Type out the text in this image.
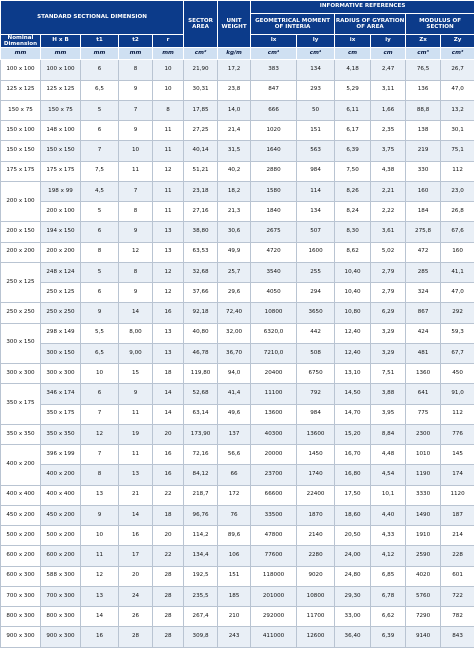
STANDARD SECTIONAL DIMENSION					SECTOR AREA	UNIT WEIGHT	INFORMATIVE REFERENCES					
							GEOMETRICAL MOMENT OF INTERIA		RADIUS OF GYRATION OF AREA		MODULUS OF SECTION	
Nominal Dimension	H x B	t1	t2	r			Ix	Iy	ix	iy	Zx	Zy
mm	mm	mm	mm	mm	cm²	kg/m	cm⁴	cm⁴	cm	cm	cm³	cm³
100 x 100	100 x 100	6	8	10	21,90	17,2	383	134	4,18	2,47	76,5	26,7
125 x 125	125 x 125	6,5	9	10	30,31	23,8	847	293	5,29	3,11	136	47,0
150 x 75	150 x 75	5	7	8	17,85	14,0	666	50	6,11	1,66	88,8	13,2
150 x 100	148 x 100	6	9	11	27,25	21,4	1020	151	6,17	2,35	138	30,1
150 x 150	150 x 150	7	10	11	40,14	31,5	1640	563	6,39	3,75	219	75,1
175 x 175	175 x 175	7,5	11	12	51,21	40,2	2880	984	7,50	4,38	330	112
200 x 100	198 x 99	4,5	7	11	23,18	18,2	1580	114	8,26	2,21	160	23,0
	200 x 100	5	8	11	27,16	21,3	1840	134	8,24	2,22	184	26,8
200 x 150	194 x 150	6	9	13	38,80	30,6	2675	507	8,30	3,61	275,8	67,6
200 x 200	200 x 200	8	12	13	63,53	49,9	4720	1600	8,62	5,02	472	160
250 x 125	248 x 124	5	8	12	32,68	25,7	3540	255	10,40	2,79	285	41,1
	250 x 125	6	9	12	37,66	29,6	4050	294	10,40	2,79	324	47,0
250 x 250	250 x 250	9	14	16	92,18	72,40	10800	3650	10,80	6,29	867	292
300 x 150	298 x 149	5,5	8,00	13	40,80	32,00	6320,0	442	12,40	3,29	424	59,3
	300 x 150	6,5	9,00	13	46,78	36,70	7210,0	508	12,40	3,29	481	67,7
300 x 300	300 x 300	10	15	18	119,80	94,0	20400	6750	13,10	7,51	1360	450
350 x 175	346 x 174	6	9	14	52,68	41,4	11100	792	14,50	3,88	641	91,0
	350 x 175	7	11	14	63,14	49,6	13600	984	14,70	3,95	775	112
350 x 350	350 x 350	12	19	20	173,90	137	40300	13600	15,20	8,84	2300	776
400 x 200	396 x 199	7	11	16	72,16	56,6	20000	1450	16,70	4,48	1010	145
	400 x 200	8	13	16	84,12	66	23700	1740	16,80	4,54	1190	174
400 x 400	400 x 400	13	21	22	218,7	172	66600	22400	17,50	10,1	3330	1120
450 x 200	450 x 200	9	14	18	96,76	76	33500	1870	18,60	4,40	1490	187
500 x 200	500 x 200	10	16	20	114,2	89,6	47800	2140	20,50	4,33	1910	214
600 x 200	600 x 200	11	17	22	134,4	106	77600	2280	24,00	4,12	2590	228
600 x 300	588 x 300	12	20	28	192,5	151	118000	9020	24,80	6,85	4020	601
700 x 300	700 x 300	13	24	28	235,5	185	201000	10800	29,30	6,78	5760	722
800 x 300	800 x 300	14	26	28	267,4	210	292000	11700	33,00	6,62	7290	782
900 x 300	900 x 300	16	28	28	309,8	243	411000	12600	36,40	6,39	9140	843
